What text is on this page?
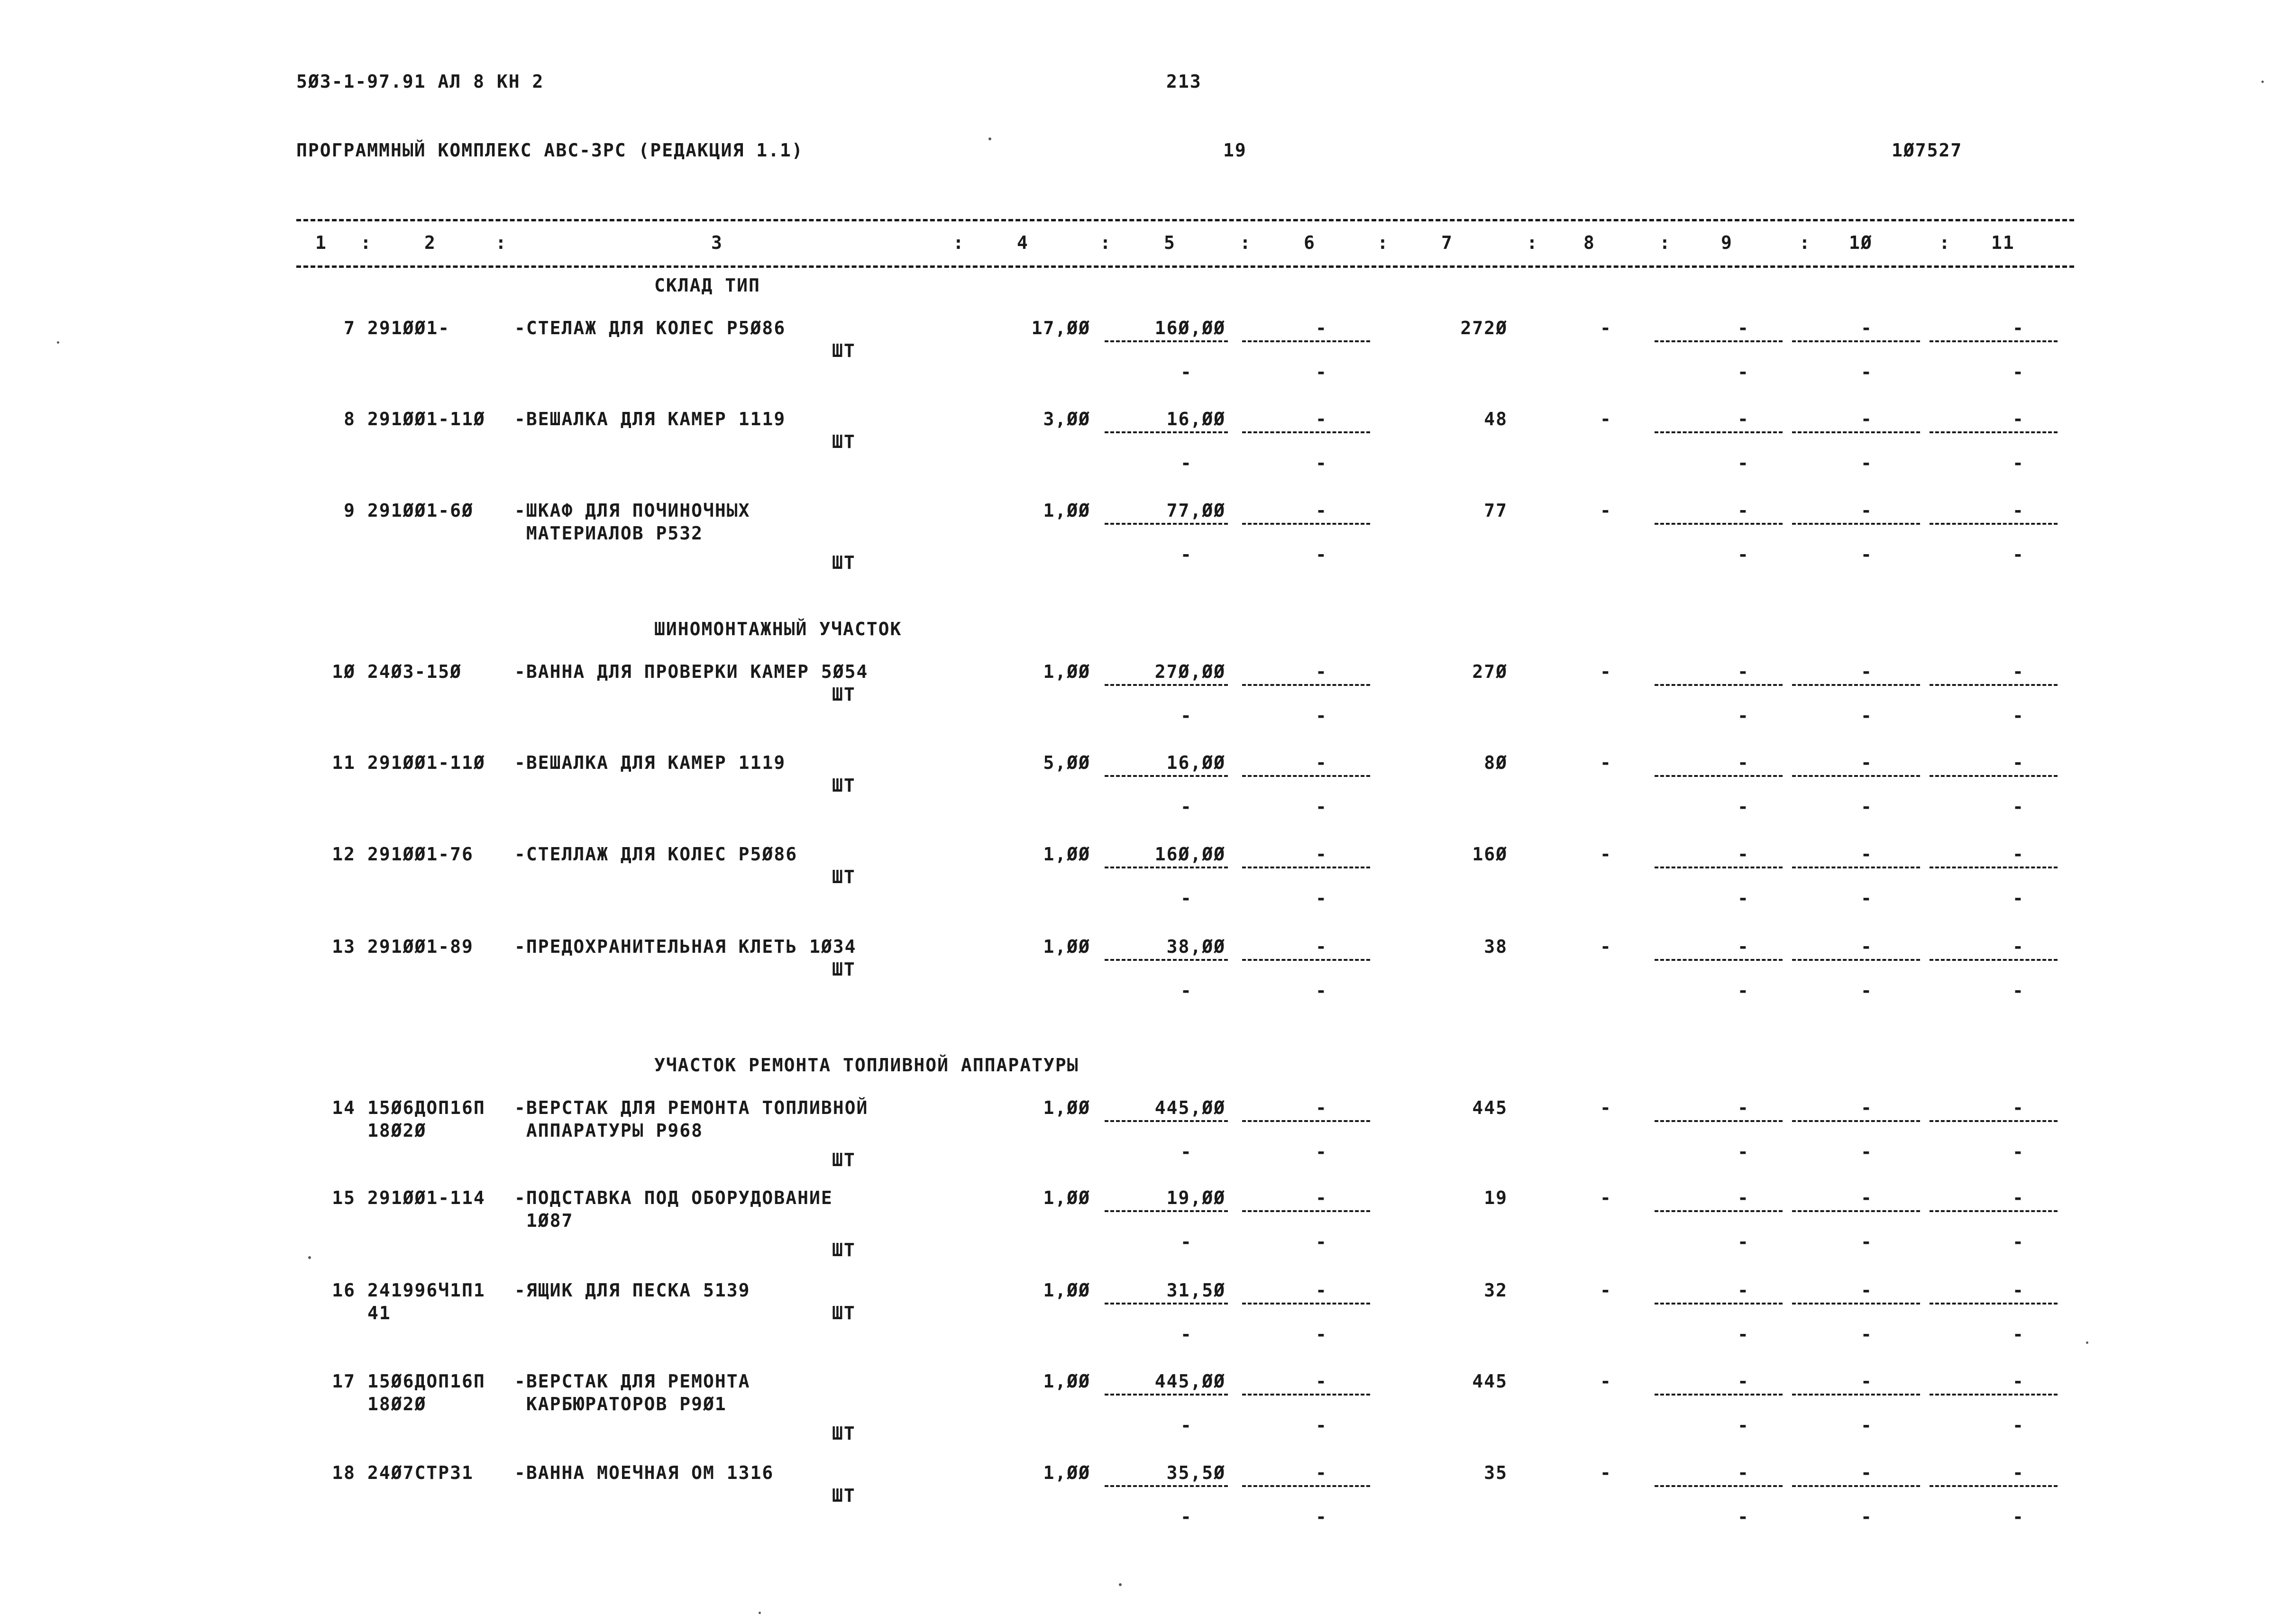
5Ø3-1-97.91 АЛ 8 КН 2	213
ПРОГРАММНЫЙ КОМПЛЕКС АВС-3РС (РЕДАКЦИЯ 1.1)	19	1Ø7527
1	2	3	4	5	6	7	8	9	1Ø	11
:	:	:	:	:	:	:	:	:	:
СКЛАД ТИП
7 291ØØ1-	-СТЕЛАЖ ДЛЯ КОЛЕС Р5Ø86
ШТ
17,ØØ	16Ø,ØØ	-	272Ø	-	-	-	-
-	-	-	-	-
8 291ØØ1-11Ø -ВЕШАЛКА ДЛЯ КАМЕР 1119
ШТ
3,ØØ	16,ØØ	-	48	-	-	-	-
-	-	-	-	-
9 291ØØ1-6Ø -ШКАФ ДЛЯ ПОЧИНОЧНЫХ
МАТЕРИАЛОВ Р532
ШТ
1,ØØ	77,ØØ	-	77	-	-	-	-
-	-	-	-	-
ШИНОМОНТАЖНЫЙ УЧАСТОК
1Ø 24Ø3-15Ø	-ВАННА ДЛЯ ПРОВЕРКИ КАМЕР 5Ø54
ШТ
1,ØØ	27Ø,ØØ	-	27Ø	-	-	-	-
-	-	-	-	-
11 291ØØ1-11Ø -ВЕШАЛКА ДЛЯ КАМЕР 1119
ШТ
5,ØØ	16,ØØ	-	8Ø	-	-	-	-
-	-	-	-	-
12 291ØØ1-76 -СТЕЛЛАЖ ДЛЯ КОЛЕС Р5Ø86
ШТ
1,ØØ	16Ø,ØØ	-	16Ø	-	-	-	-
-	-	-	-	-
13 291ØØ1-89 -ПРЕДОХРАНИТЕЛЬНАЯ КЛЕТЬ 1Ø34
ШТ
1,ØØ	38,ØØ	-	38	-	-	-	-
-	-	-	-	-
УЧАСТОК РЕМОНТА ТОПЛИВНОЙ АППАРАТУРЫ
14 15Ø6ДОП16П
18Ø2Ø
-ВЕРСТАК ДЛЯ РЕМОНТА ТОПЛИВНОЙ
АППАРАТУРЫ Р968
ШТ
1,ØØ	445,ØØ	-	445	-	-	-	-
-	-	-	-	-
15 291ØØ1-114 -ПОДСТАВКА ПОД ОБОРУДОВАНИЕ
1Ø87
ШТ
1,ØØ	19,ØØ	-	19	-	-	-	-
-	-	-	-	-
16 241996Ч1П1
41
-ЯЩИК ДЛЯ ПЕСКА 5139
ШТ
1,ØØ	31,5Ø	-	32	-	-	-	-
-	-	-	-	-
17 15Ø6ДОП16П
18Ø2Ø
-ВЕРСТАК ДЛЯ РЕМОНТА
КАРБЮРАТОРОВ Р9Ø1
ШТ
1,ØØ	445,ØØ	-	445	-	-	-	-
-	-	-	-	-
18 24Ø7СТР31 -ВАННА МОЕЧНАЯ ОМ 1316
ШТ
1,ØØ	35,5Ø	-	35	-	-	-	-
-	-	-	-	-
